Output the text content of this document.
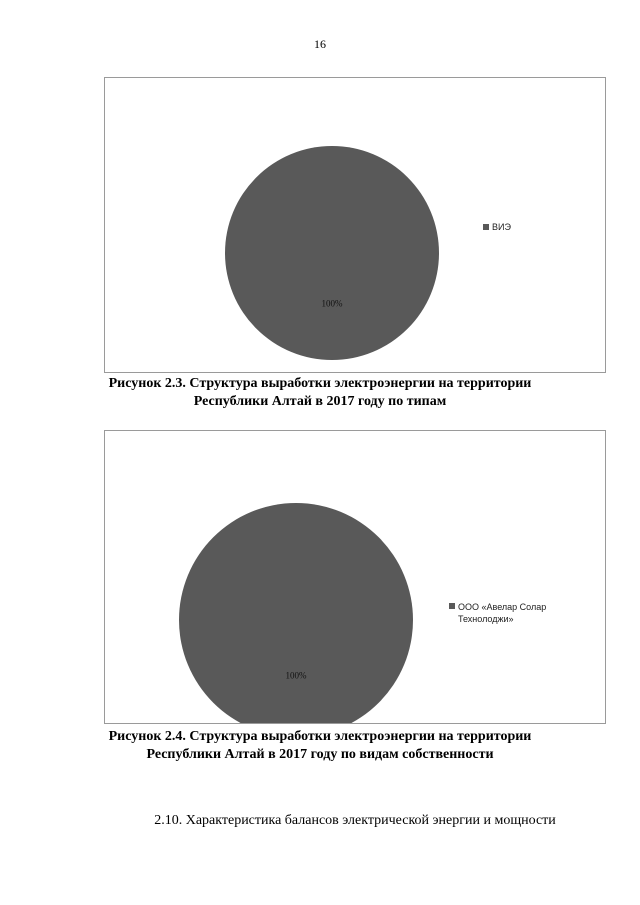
16
100%
ВИЭ
Рисунок 2.3. Структура выработки электроэнергии на территории
Республики Алтай в 2017 году по типам
100%
ООО «Авелар Солар Технолоджи»
Рисунок 2.4. Структура выработки электроэнергии на территории
Республики Алтай в 2017 году по видам собственности
2.10. Характеристика балансов электрической энергии и мощности
